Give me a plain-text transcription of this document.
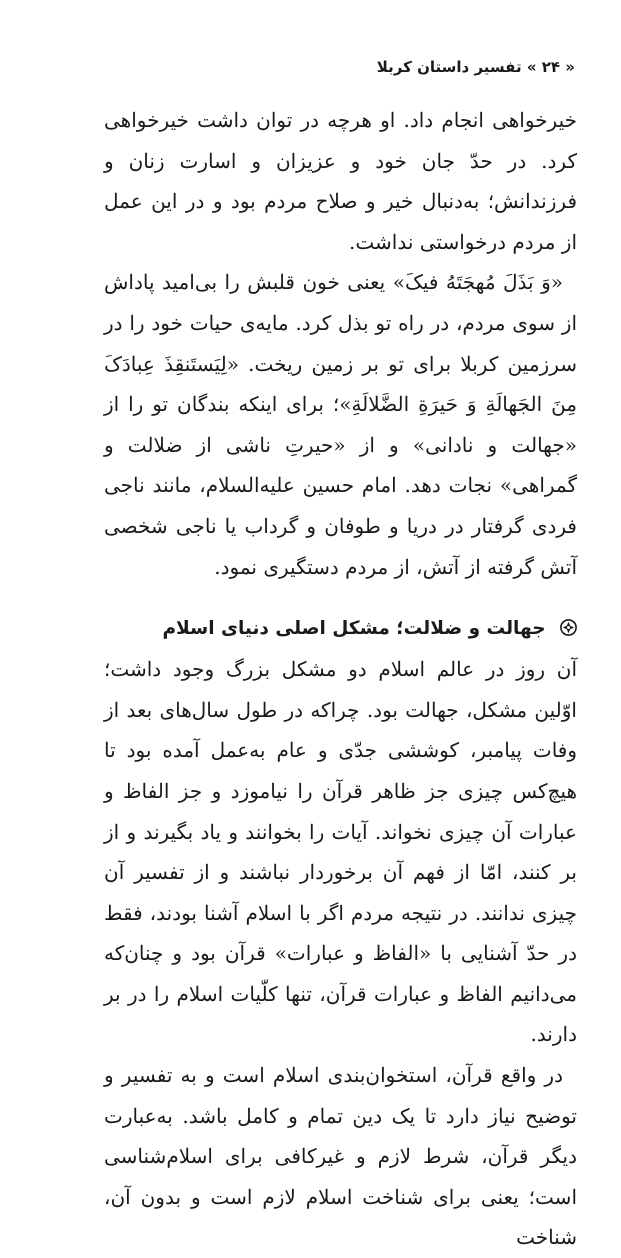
« ۲۴ » تفسیر داستان کربلا

خیرخواهی انجام داد. او هرچه در توان داشت خیرخواهی کرد. در حدّ جان خود و عزیزان و اسارت زنان و فرزندانش؛ به‌دنبال خیر و صلاح مردم بود و در این عمل از مردم درخواستی نداشت.

«وَ بَذَلَ مُهجَتَهُ فیکَ» یعنی خون قلبش را بی‌امید پاداش از سوی مردم، در راه تو بذل کرد. مایه‌ی حیات خود را در سرزمین کربلا برای تو بر زمین ریخت. «لِیَستَنقِذَ عِبادَکَ مِنَ الجَهالَةِ وَ حَیرَةِ الضَّلالَةِ»؛ برای اینکه بندگان تو را از «جهالت و نادانی» و از «حیرتِ ناشی از ضلالت و گمراهی» نجات دهد. امام حسین علیه‌السلام، مانند ناجی فردی گرفتار در دریا و طوفان و گرداب یا ناجی شخصی آتش گرفته از آتش، از مردم دستگیری نمود.

جهالت و ضلالت؛ مشکل اصلی دنیای اسلام

آن روز در عالم اسلام دو مشکل بزرگ وجود داشت؛ اوّلین مشکل، جهالت بود. چراکه در طول سال‌های بعد از وفات پیامبر، کوششی جدّی و عام به‌عمل آمده بود تا هیچ‌کس چیزی جز ظاهر قرآن را نیاموزد و جز الفاظ و عبارات آن چیزی نخواند. آیات را بخوانند و یاد بگیرند و از بر کنند، امّا از فهم آن برخوردار نباشند و از تفسیر آن چیزی ندانند. در نتیجه مردم اگر با اسلام آشنا بودند، فقط در حدّ آشنایی با «الفاظ و عبارات» قرآن بود و چنان‌که می‌دانیم الفاظ و عبارات قرآن، تنها کلّیات اسلام را در بر دارند.

در واقع قرآن، استخوان‌بندی اسلام است و به تفسیر و توضیح نیاز دارد تا یک دین تمام و کامل باشد. به‌عبارت دیگر قرآن، شرط لازم و غیرکافی برای اسلام‌شناسی است؛ یعنی برای شناخت اسلام لازم است و بدون آن، شناخت
